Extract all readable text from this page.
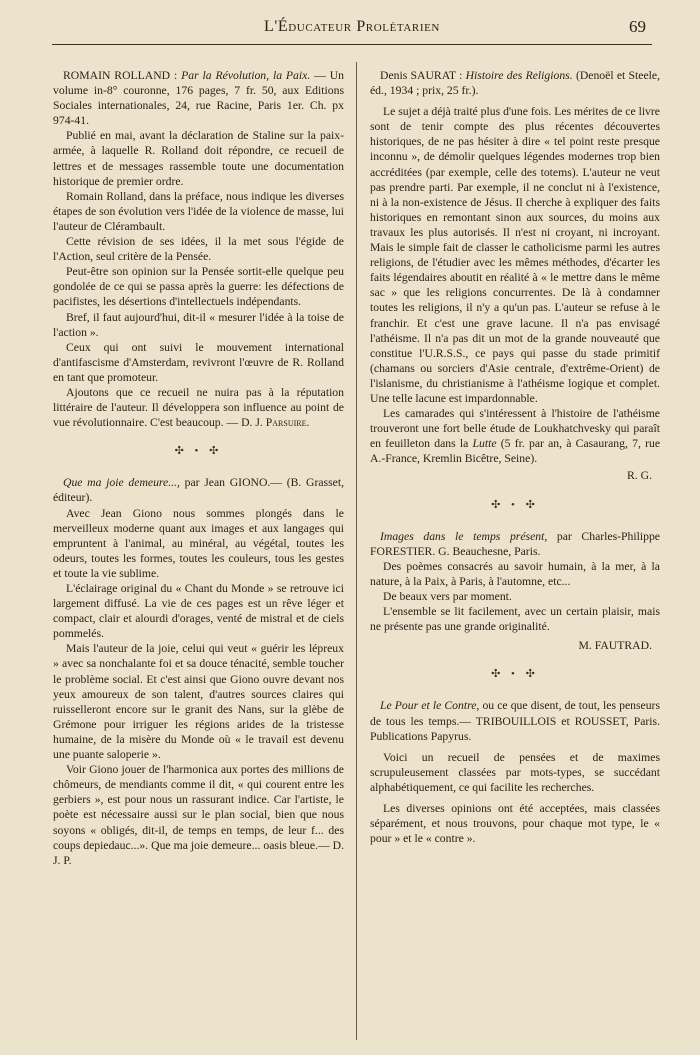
L'Éducateur Prolétarien	69

ROMAIN ROLLAND : Par la Révolution, la Paix. — Un volume in-8° couronne, 176 pages, 7 fr. 50, aux Editions Sociales internationales, 24, rue Racine, Paris 1er. Ch. px 974-41.

Publié en mai, avant la déclaration de Staline sur la paix-armée, à laquelle R. Rolland doit répondre, ce recueil de lettres et de messages rassemble toute une documentation historique de premier ordre.

Romain Rolland, dans la préface, nous indique les diverses étapes de son évolution vers l'idée de la violence de masse, lui l'auteur de Clérambault.

Cette révision de ses idées, il la met sous l'égide de l'Action, seul critère de la Pensée.

Peut-être son opinion sur la Pensée sortit-elle quelque peu gondolée de ce qui se passa après la guerre: les défections de pacifistes, les désertions d'intellectuels indépendants.

Bref, il faut aujourd'hui, dit-il « mesurer l'idée à la toise de l'action ».

Ceux qui ont suivi le mouvement international d'antifascisme d'Amsterdam, revivront l'œuvre de R. Rolland en tant que promoteur.

Ajoutons que ce recueil ne nuira pas à la réputation littéraire de l'auteur. Il développera son influence au point de vue révolutionnaire. C'est beaucoup. — D. J. Parsuire.

✣ • ✣

Que ma joie demeure..., par Jean GIONO.— (B. Grasset, éditeur).

Avec Jean Giono nous sommes plongés dans le merveilleux moderne quant aux images et aux langages qui empruntent à l'animal, au minéral, au végétal, toutes les odeurs, toutes les formes, toutes les couleurs, tous les gestes et toute la vie sublime.

L'éclairage original du « Chant du Monde » se retrouve ici largement diffusé. La vie de ces pages est un rêve léger et compact, clair et alourdi d'orages, venté de mistral et de ciels pommelés.

Mais l'auteur de la joie, celui qui veut « guérir les lépreux » avec sa nonchalante foi et sa douce ténacité, semble toucher le problème social. Et c'est ainsi que Giono ouvre devant nos yeux amoureux de son talent, d'autres sources claires qui ruisselleront encore sur le granit des Nans, sur la glèbe de Grémone pour irriguer les régions arides de la tristesse humaine, de la misère du Monde où « le travail est devenu une puante saloperie ».

Voir Giono jouer de l'harmonica aux portes des millions de chômeurs, de mendiants comme il dit, « qui courent entre les gerbiers », est pour nous un rassurant indice. Car l'artiste, le poète est nécessaire aussi sur le plan social, bien que nous soyons « obligés, dit-il, de temps en temps, de leur f... des coups depiedauc...». Que ma joie demeure... oasis bleue.— D. J. P.

Denis SAURAT : Histoire des Religions. (Denoël et Steele, éd., 1934 ; prix, 25 fr.).

Le sujet a déjà traité plus d'une fois. Les mérites de ce livre sont de tenir compte des plus récentes découvertes historiques, de ne pas hésiter à dire « tel point reste presque inconnu », de démolir quelques légendes modernes trop bien accréditées (par exemple, celle des totems). L'auteur ne veut pas prendre parti. Par exemple, il ne conclut ni à l'existence, ni à la non-existence de Jésus. Il cherche à expliquer des faits historiques en remontant sinon aux sources, du moins aux travaux les plus autorisés. Il n'est ni croyant, ni incroyant. Mais le simple fait de classer le catholicisme parmi les autres religions, de l'étudier avec les mêmes méthodes, d'écarter les faits légendaires aboutit en réalité à « le mettre dans le même sac » que les religions concurrentes. De là à condamner toutes les religions, il n'y a qu'un pas. L'auteur se refuse à le franchir. Et c'est une grave lacune. Il n'a pas envisagé l'athéisme. Il n'a pas dit un mot de la grande nouveauté que constitue l'U.R.S.S., ce pays qui passe du stade primitif (chamans ou sorciers d'Asie centrale, d'extrême-Orient) de l'islanisme, du christianisme à l'athéisme logique et complet. Une telle lacune est impardonnable.

Les camarades qui s'intéressent à l'histoire de l'athéisme trouveront une fort belle étude de Loukhatchvesky qui paraît en feuilleton dans la Lutte (5 fr. par an, à Casaurang, 7, rue A.-France, Kremlin Bicêtre, Seine).

R. G.

✣ • ✣

Images dans le temps présent, par Charles-Philippe FORESTIER. G. Beauchesne, Paris.

Des poèmes consacrés au savoir humain, à la mer, à la nature, à la Paix, à Paris, à l'automne, etc...

De beaux vers par moment.

L'ensemble se lit facilement, avec un certain plaisir, mais ne présente pas une grande originalité.

M. FAUTRAD.

✣ • ✣

Le Pour et le Contre, ou ce que disent, de tout, les penseurs de tous les temps.— TRIBOUILLOIS et ROUSSET, Paris. Publications Papyrus.

Voici un recueil de pensées et de maximes scrupuleusement classées par mots-types, se succédant alphabétiquement, ce qui facilite les recherches.

Les diverses opinions ont été acceptées, mais classées séparément, et nous trouvons, pour chaque mot type, le « pour » et le « contre ».
